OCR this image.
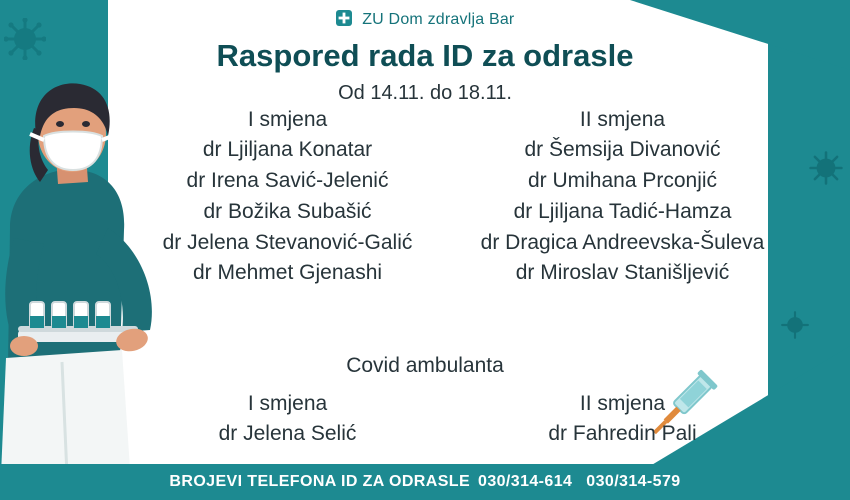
ZU Dom zdravlja Bar
Raspored rada ID za odrasle
Od 14.11. do 18.11.
I smjena
dr Ljiljana Konatar
dr Irena Savić-Jelenić
dr Božika Subašić
dr Jelena Stevanović-Galić
dr Mehmet Gjenashi
II smjena
dr Šemsija Divanović
dr Umihana Prconjić
dr Ljiljana Tadić-Hamza
dr Dragica Andreevska-Šuleva
dr Miroslav Stanišljević
Covid ambulanta
I smjena
dr Jelena Selić
II smjena
dr Fahredin Pali
BROJEVI TELEFONA ID ZA ODRASLE 030/314-614 030/314-579
